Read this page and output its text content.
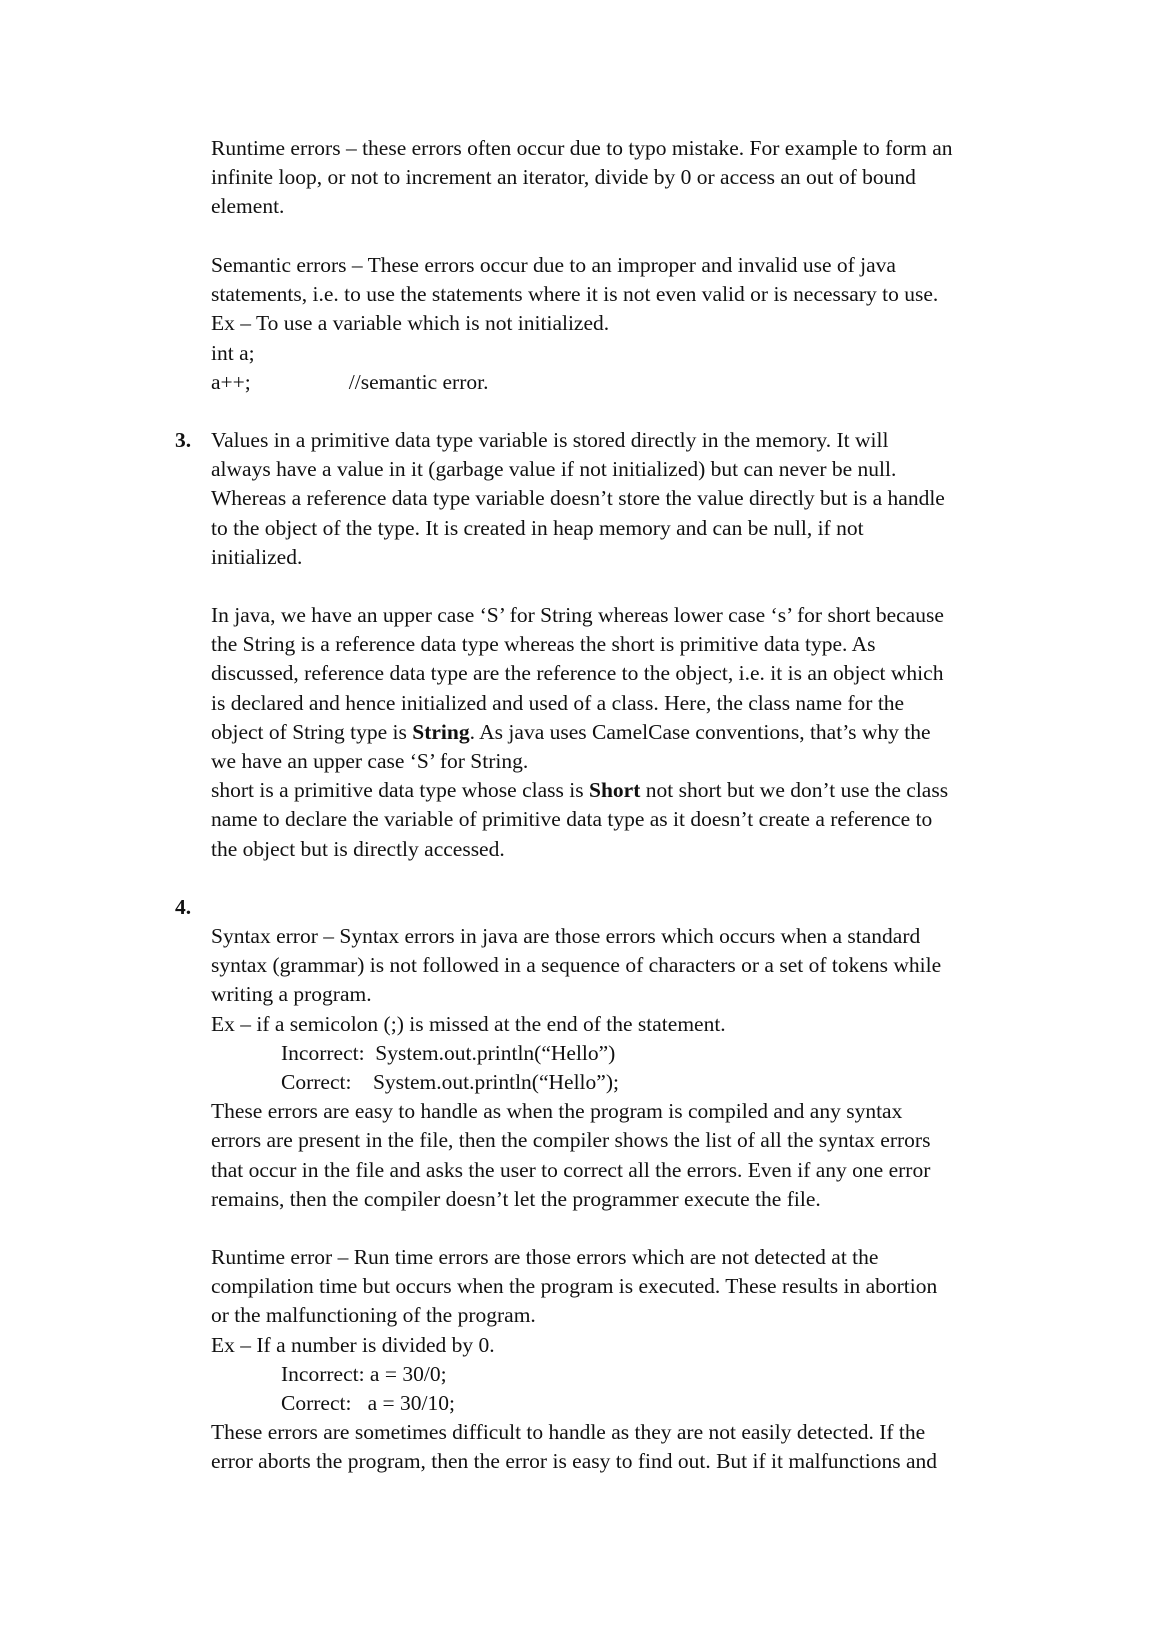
Runtime errors – these errors often occur due to typo mistake. For example to form an
infinite loop, or not to increment an iterator, divide by 0 or access an out of bound
element.
Semantic errors – These errors occur due to an improper and invalid use of java
statements, i.e. to use the statements where it is not even valid or is necessary to use.
Ex – To use a variable which is not initialized.
int a;
a++;	//semantic error.
3. Values in a primitive data type variable is stored directly in the memory. It will
always have a value in it (garbage value if not initialized) but can never be null.
Whereas a reference data type variable doesn’t store the value directly but is a handle
to the object of the type. It is created in heap memory and can be null, if not
initialized.
In java, we have an upper case ‘S’ for String whereas lower case ‘s’ for short because
the String is a reference data type whereas the short is primitive data type. As
discussed, reference data type are the reference to the object, i.e. it is an object which
is declared and hence initialized and used of a class. Here, the class name for the
object of String type is String. As java uses CamelCase conventions, that’s why the
we have an upper case ‘S’ for String.
short is a primitive data type whose class is Short not short but we don’t use the class
name to declare the variable of primitive data type as it doesn’t create a reference to
the object but is directly accessed.
4.
Syntax error – Syntax errors in java are those errors which occurs when a standard
syntax (grammar) is not followed in a sequence of characters or a set of tokens while
writing a program.
Ex – if a semicolon (;) is missed at the end of the statement.
Incorrect:  System.out.println(“Hello”)
Correct:    System.out.println(“Hello”);
These errors are easy to handle as when the program is compiled and any syntax
errors are present in the file, then the compiler shows the list of all the syntax errors
that occur in the file and asks the user to correct all the errors. Even if any one error
remains, then the compiler doesn’t let the programmer execute the file.
Runtime error – Run time errors are those errors which are not detected at the
compilation time but occurs when the program is executed. These results in abortion
or the malfunctioning of the program.
Ex – If a number is divided by 0.
Incorrect: a = 30/0;
Correct:   a = 30/10;
These errors are sometimes difficult to handle as they are not easily detected. If the
error aborts the program, then the error is easy to find out. But if it malfunctions and
